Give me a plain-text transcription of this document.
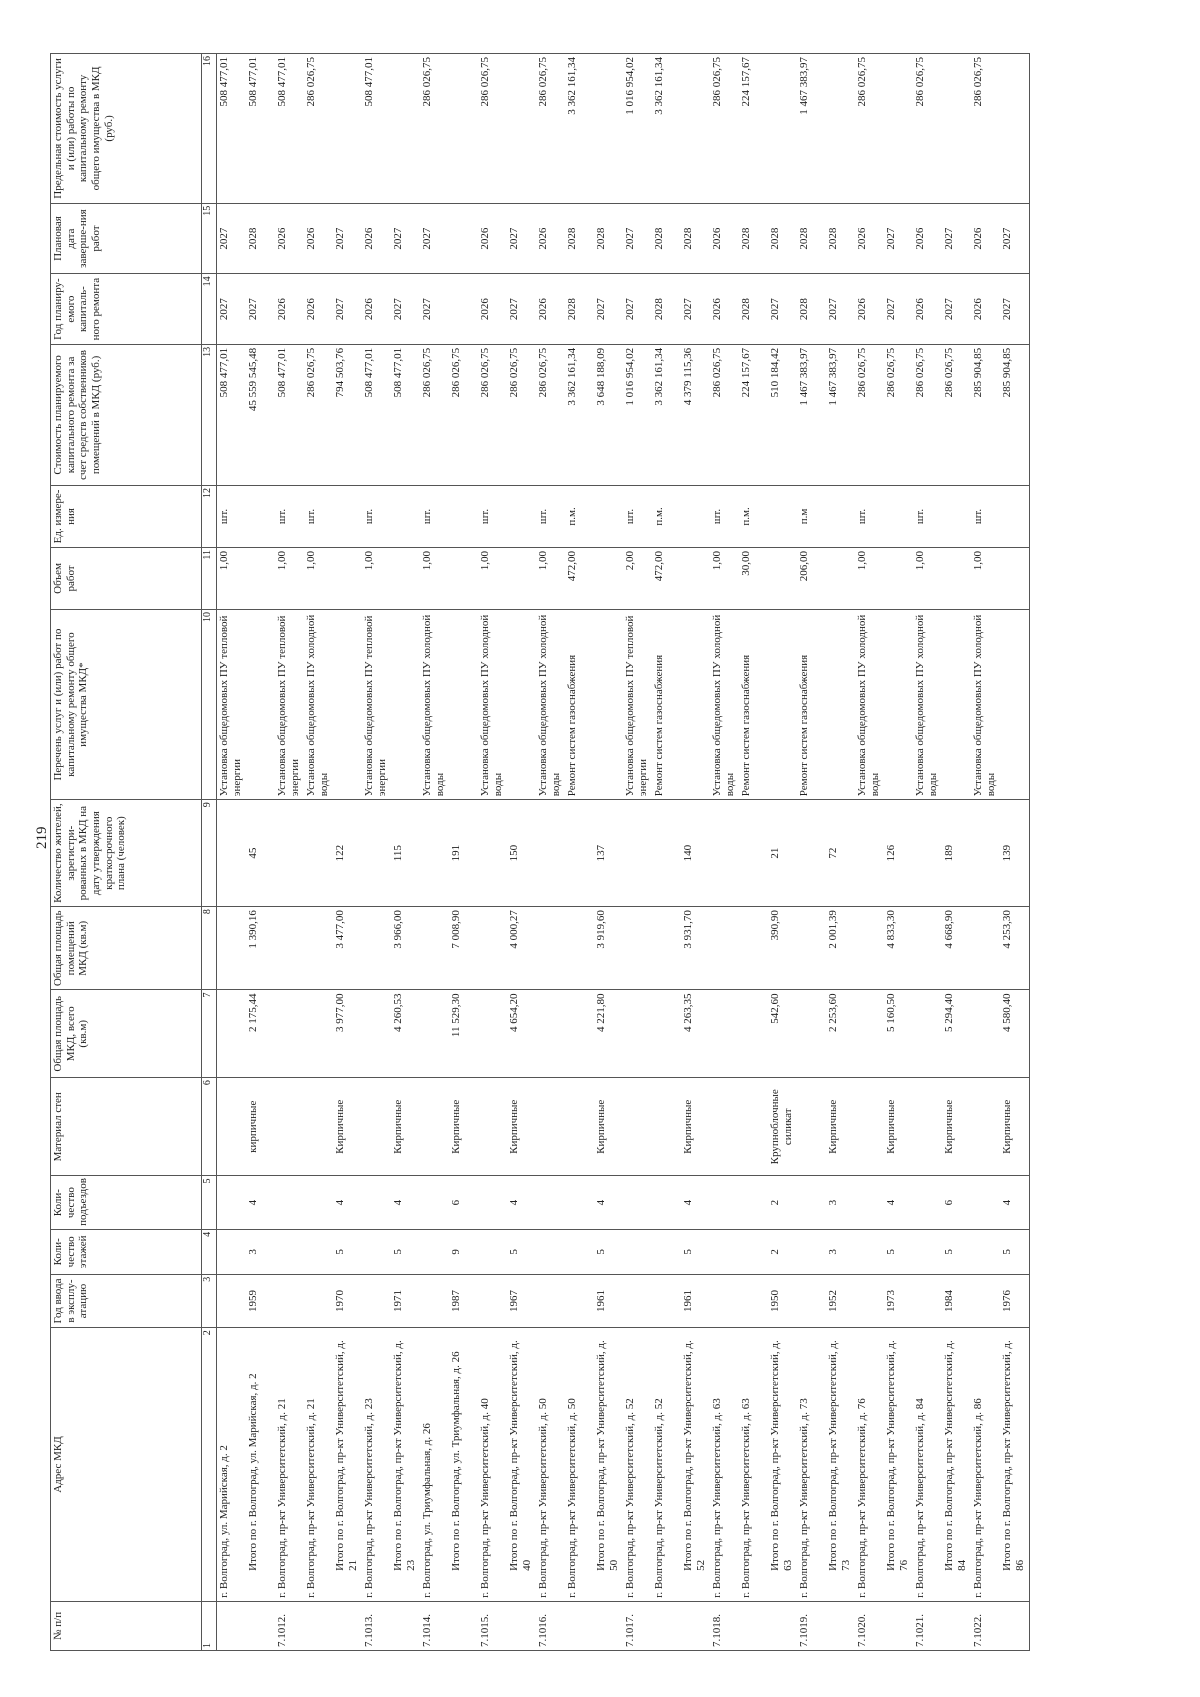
219
№ п/п	Адрес МКД	Год ввода в эксплу-атацию	Коли-чество этажей	Коли-чество подъездов	Материал стен	Общая площадь МКД, всего (кв.м)	Общая площадь помещений МКД (кв.м)	Количество жителей, зарегистри-рованных в МКД на дату утверждения краткосрочного плана (человек)	Перечень услуг и (или) работ по капитальному ремонту общего имущества МКД*	Объем работ	Ед. измере-ния	Стоимость планируемого капитального ремонта за счет средств собственников помещений в МКД (руб.)	Год планиру-емого капиталь-ного ремонта	Плановая дата заверше-ния работ	Предельная стоимость услуги и (или) работы по капитальному ремонту общего имущества в МКД (руб.)
1	2	3	4	5	6	7	8	9	10	11	12	13	14	15	16
	г. Волгоград, ул. Марийская, д. 2								Установка общедомовых ПУ тепловой энергии	1,00	шт.	508 477,01	2027	2027	508 477,01
	Итого по г. Волгоград, ул. Марийская, д. 2	1959	3	4	кирпичные	2 175,44	1 390,16	45				45 559 545,48	2027	2028	508 477,01
7.1012.	г. Волгоград, пр-кт Университетский, д. 21								Установка общедомовых ПУ тепловой энергии	1,00	шт.	508 477,01	2026	2026	508 477,01
	г. Волгоград, пр-кт Университетский, д. 21								Установка общедомовых ПУ холодной воды	1,00	шт.	286 026,75	2026	2026	286 026,75
	Итого по г. Волгоград, пр-кт Университетский, д. 21	1970	5	4	Кирпичные	3 977,00	3 477,00	122				794 503,76	2027	2027	
7.1013.	г. Волгоград, пр-кт Университетский, д. 23								Установка общедомовых ПУ тепловой энергии	1,00	шт.	508 477,01	2026	2026	508 477,01
	Итого по г. Волгоград, пр-кт Университетский, д. 23	1971	5	4	Кирпичные	4 260,53	3 966,00	115				508 477,01	2027	2027	
7.1014.	г. Волгоград, ул. Триумфальная, д. 26								Установка общедомовых ПУ холодной воды	1,00	шт.	286 026,75	2027	2027	286 026,75
	Итого по г. Волгоград, ул. Триумфальная, д. 26	1987	9	6	Кирпичные	11 529,30	7 008,90	191				286 026,75			
7.1015.	г. Волгоград, пр-кт Университетский, д. 40								Установка общедомовых ПУ холодной воды	1,00	шт.	286 026,75	2026	2026	286 026,75
	Итого по г. Волгоград, пр-кт Университетский, д. 40	1967	5	4	Кирпичные	4 654,20	4 000,27	150				286 026,75	2027	2027	
7.1016.	г. Волгоград, пр-кт Университетский, д. 50								Установка общедомовых ПУ холодной воды	1,00	шт.	286 026,75	2026	2026	286 026,75
	г. Волгоград, пр-кт Университетский, д. 50								Ремонт систем газоснабжения	472,00	п.м.	3 362 161,34	2028	2028	3 362 161,34
	Итого по г. Волгоград, пр-кт Университетский, д. 50	1961	5	4	Кирпичные	4 221,80	3 919,60	137				3 648 188,09	2027	2028	
7.1017.	г. Волгоград, пр-кт Университетский, д. 52								Установка общедомовых ПУ тепловой энергии	2,00	шт.	1 016 954,02	2027	2027	1 016 954,02
	г. Волгоград, пр-кт Университетский, д. 52								Ремонт систем газоснабжения	472,00	п.м.	3 362 161,34	2028	2028	3 362 161,34
	Итого по г. Волгоград, пр-кт Университетский, д. 52	1961	5	4	Кирпичные	4 263,35	3 931,70	140				4 379 115,36	2027	2028	
7.1018.	г. Волгоград, пр-кт Университетский, д. 63								Установка общедомовых ПУ холодной воды	1,00	шт.	286 026,75	2026	2026	286 026,75
	г. Волгоград, пр-кт Университетский, д. 63								Ремонт систем газоснабжения	30,00	п.м.	224 157,67	2028	2028	224 157,67
	Итого по г. Волгоград, пр-кт Университетский, д. 63	1950	2	2	Крупноблочные силикат	542,60	390,90	21				510 184,42	2027	2028	
7.1019.	г. Волгоград, пр-кт Университетский, д. 73								Ремонт систем газоснабжения	206,00	п.м	1 467 383,97	2028	2028	1 467 383,97
	Итого по г. Волгоград, пр-кт Университетский, д. 73	1952	3	3	Кирпичные	2 253,60	2 001,39	72				1 467 383,97	2027	2028	
7.1020.	г. Волгоград, пр-кт Университетский, д. 76								Установка общедомовых ПУ холодной воды	1,00	шт.	286 026,75	2026	2026	286 026,75
	Итого по г. Волгоград, пр-кт Университетский, д. 76	1973	5	4	Кирпичные	5 160,50	4 833,30	126				286 026,75	2027	2027	
7.1021.	г. Волгоград, пр-кт Университетский, д. 84								Установка общедомовых ПУ холодной воды	1,00	шт.	286 026,75	2026	2026	286 026,75
	Итого по г. Волгоград, пр-кт Университетский, д. 84	1984	5	6	Кирпичные	5 294,40	4 668,90	189				286 026,75	2027	2027	
7.1022.	г. Волгоград, пр-кт Университетский, д. 86								Установка общедомовых ПУ холодной воды	1,00	шт.	285 904,85	2026	2026	286 026,75
	Итого по г. Волгоград, пр-кт Университетский, д. 86	1976	5	4	Кирпичные	4 580,40	4 253,30	139				285 904,85	2027	2027	
